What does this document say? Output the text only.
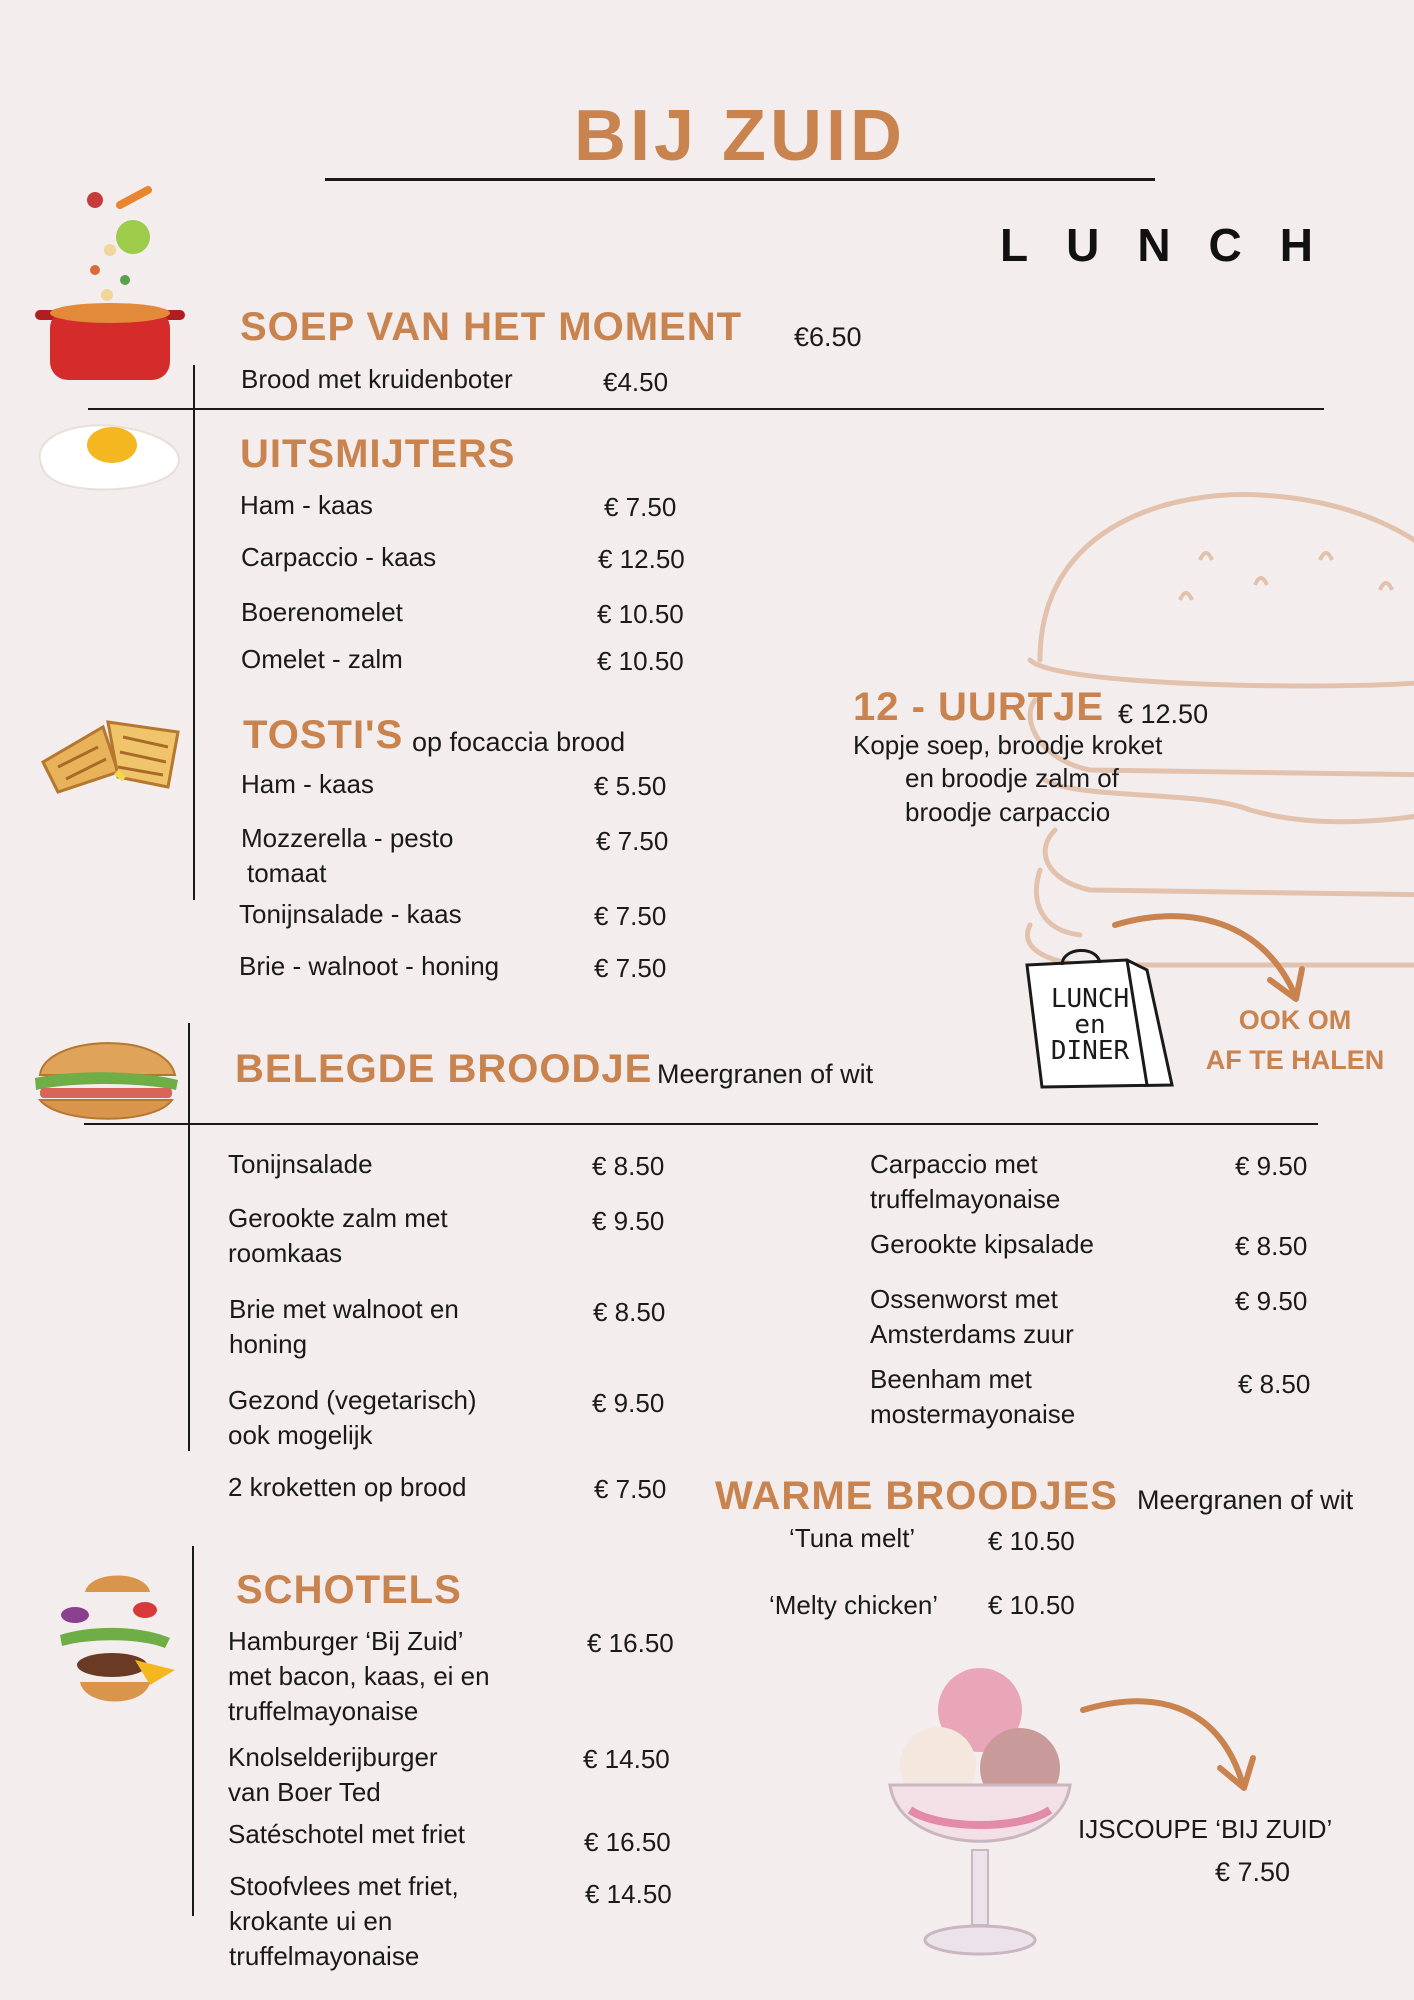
BIJ ZUID
LUNCH
SOEP VAN HET MOMENT €6.50
Brood met kruidenboter	€4.50
UITSMIJTERS
Ham - kaas	€ 7.50
Carpaccio - kaas	€ 12.50
Boerenomelet	€ 10.50
Omelet - zalm	€ 10.50
TOSTI'S op focaccia brood
Ham - kaas	€ 5.50
Mozzerella - pesto
tomaat
€ 7.50
Tonijnsalade - kaas	€ 7.50
Brie - walnoot - honing	€ 7.50
12 - UURTJE € 12.50
Kopje soep, broodje kroket
en broodje zalm of
broodje carpaccio
LUNCH
en
DINER
OOK OM
AF TE HALEN
BELEGDE BROODJE Meergranen of wit
Tonijnsalade	€ 8.50
Gerookte zalm met
roomkaas
€ 9.50
Brie met walnoot en
honing
€ 8.50
Gezond (vegetarisch)
ook mogelijk
€ 9.50
2 kroketten op brood	€ 7.50
Carpaccio met
truffelmayonaise
€ 9.50
Gerookte kipsalade	€ 8.50
Ossenworst met
Amsterdams zuur
€ 9.50
Beenham met
mostermayonaise
€ 8.50
WARME BROODJES Meergranen of wit
‘Tuna melt’	€ 10.50
‘Melty chicken’ € 10.50
SCHOTELS
Hamburger ‘Bij Zuid’
met bacon, kaas, ei en
truffelmayonaise
€ 16.50
Knolselderijburger
van Boer Ted
€ 14.50
Satéschotel met friet	€ 16.50
Stoofvlees met friet,
krokante ui en
truffelmayonaise
€ 14.50
IJSCOUPE ‘BIJ ZUID’
€ 7.50
